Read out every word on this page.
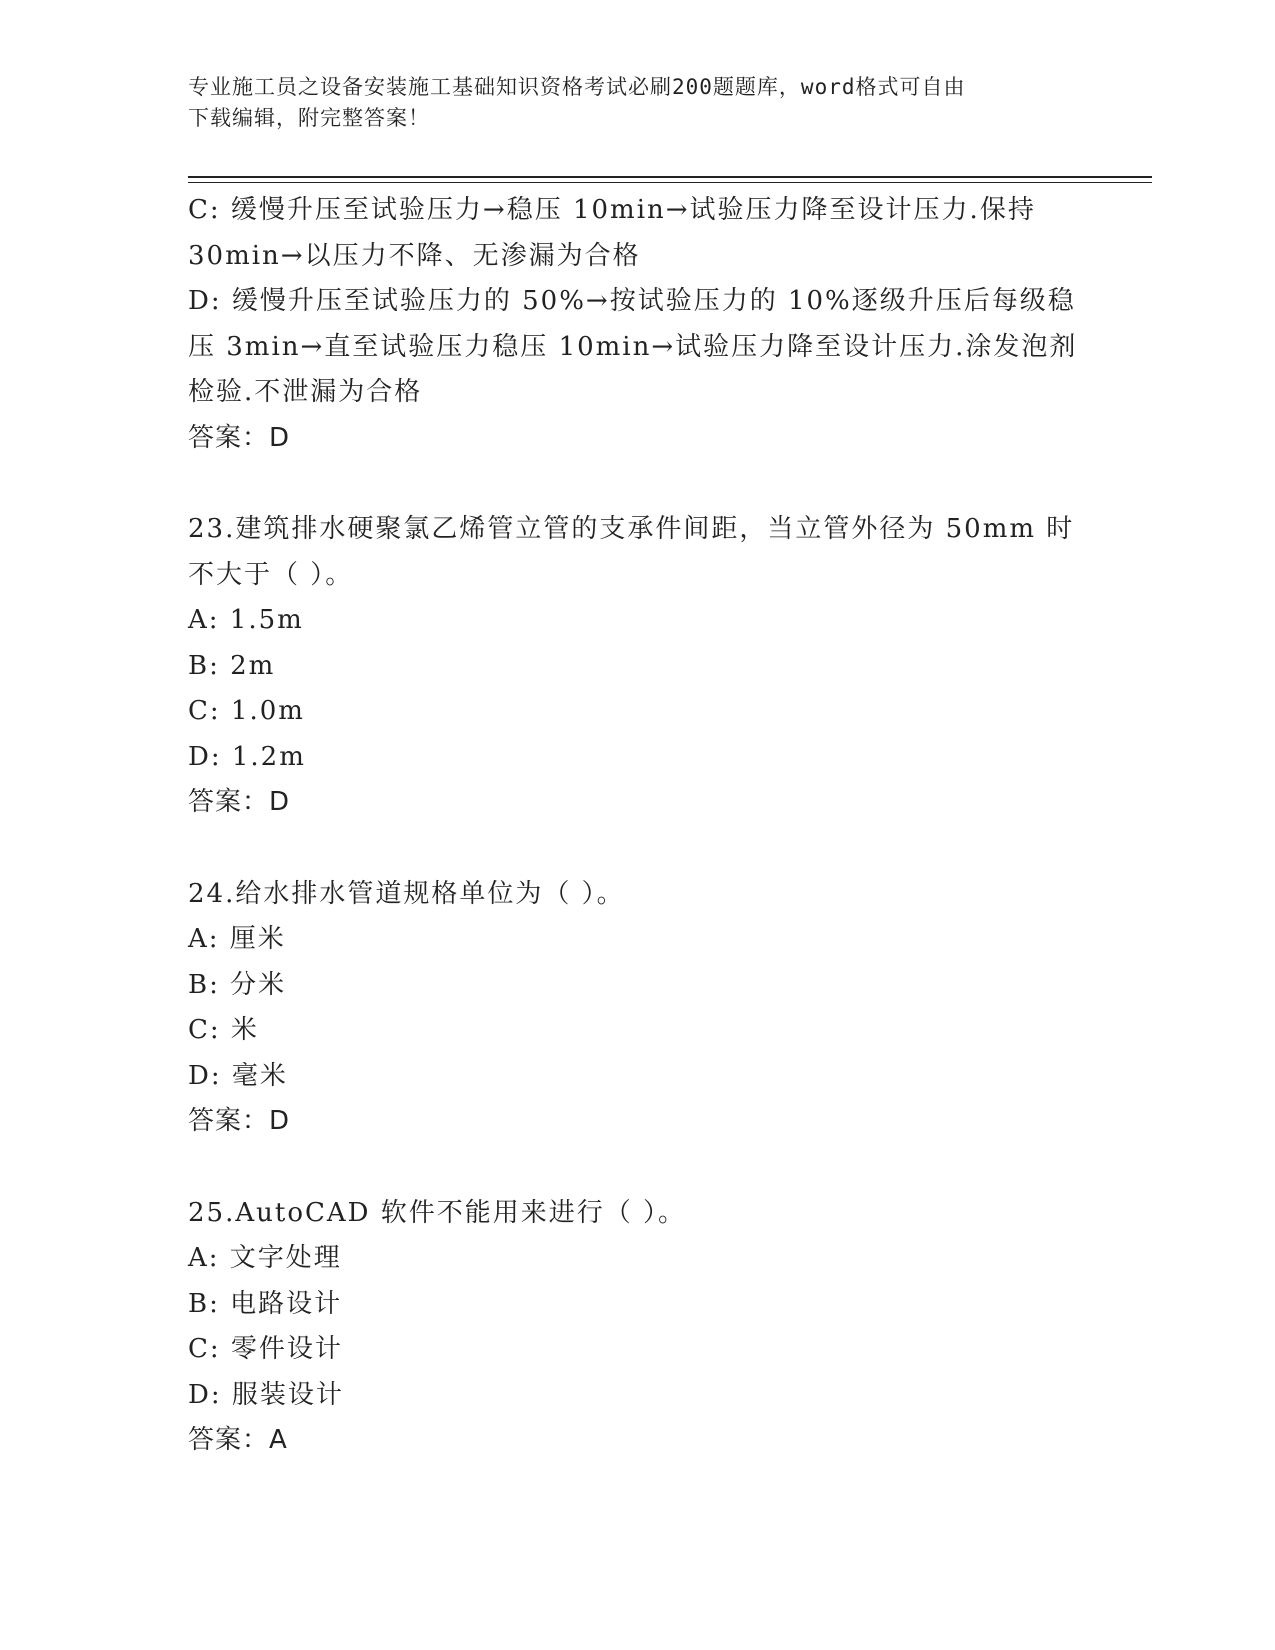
专业施工员之设备安装施工基础知识资格考试必刷200题题库，word格式可自由
下载编辑，附完整答案！
C: 缓慢升压至试验压力→稳压 10min→试验压力降至设计压力.保持
30min→以压力不降、无渗漏为合格
D: 缓慢升压至试验压力的 50%→按试验压力的 10%逐级升压后每级稳
压 3min→直至试验压力稳压 10min→试验压力降至设计压力.涂发泡剂
检验.不泄漏为合格
答案：D
23.建筑排水硬聚氯乙烯管立管的支承件间距，当立管外径为 50mm 时
不大于（ ）。
A: 1.5m
B: 2m
C: 1.0m
D: 1.2m
答案：D
24.给水排水管道规格单位为（ ）。
A: 厘米
B: 分米
C: 米
D: 毫米
答案：D
25.AutoCAD 软件不能用来进行（ ）。
A: 文字处理
B: 电路设计
C: 零件设计
D: 服装设计
答案：A
